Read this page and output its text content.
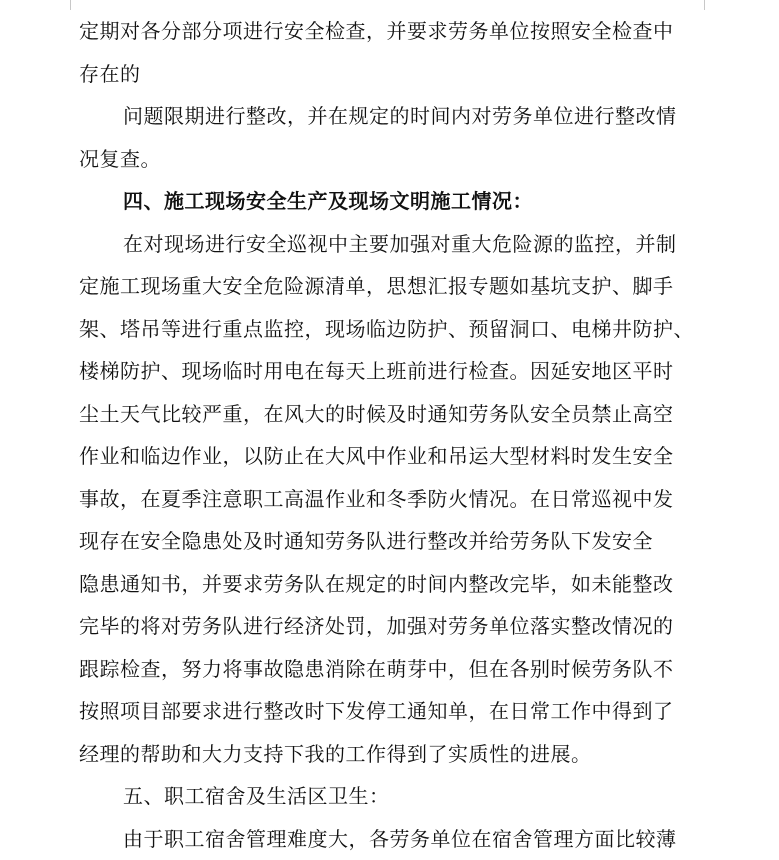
定期对各分部分项进行安全检查，并要求劳务单位按照安全检查中
存在的
问题限期进行整改，并在规定的时间内对劳务单位进行整改情
况复查。
四、施工现场安全生产及现场文明施工情况：
在对现场进行安全巡视中主要加强对重大危险源的监控，并制
定施工现场重大安全危险源清单，思想汇报专题如基坑支护、脚手
架、塔吊等进行重点监控，现场临边防护、预留洞口、电梯井防护、
楼梯防护、现场临时用电在每天上班前进行检查。因延安地区平时
尘土天气比较严重，在风大的时候及时通知劳务队安全员禁止高空
作业和临边作业，以防止在大风中作业和吊运大型材料时发生安全
事故，在夏季注意职工高温作业和冬季防火情况。在日常巡视中发
现存在安全隐患处及时通知劳务队进行整改并给劳务队下发安全
隐患通知书，并要求劳务队在规定的时间内整改完毕，如未能整改
完毕的将对劳务队进行经济处罚，加强对劳务单位落实整改情况的
跟踪检查，努力将事故隐患消除在萌芽中，但在各别时候劳务队不
按照项目部要求进行整改时下发停工通知单，在日常工作中得到了
经理的帮助和大力支持下我的工作得到了实质性的进展。
五、职工宿舍及生活区卫生：
由于职工宿舍管理难度大，各劳务单位在宿舍管理方面比较薄
